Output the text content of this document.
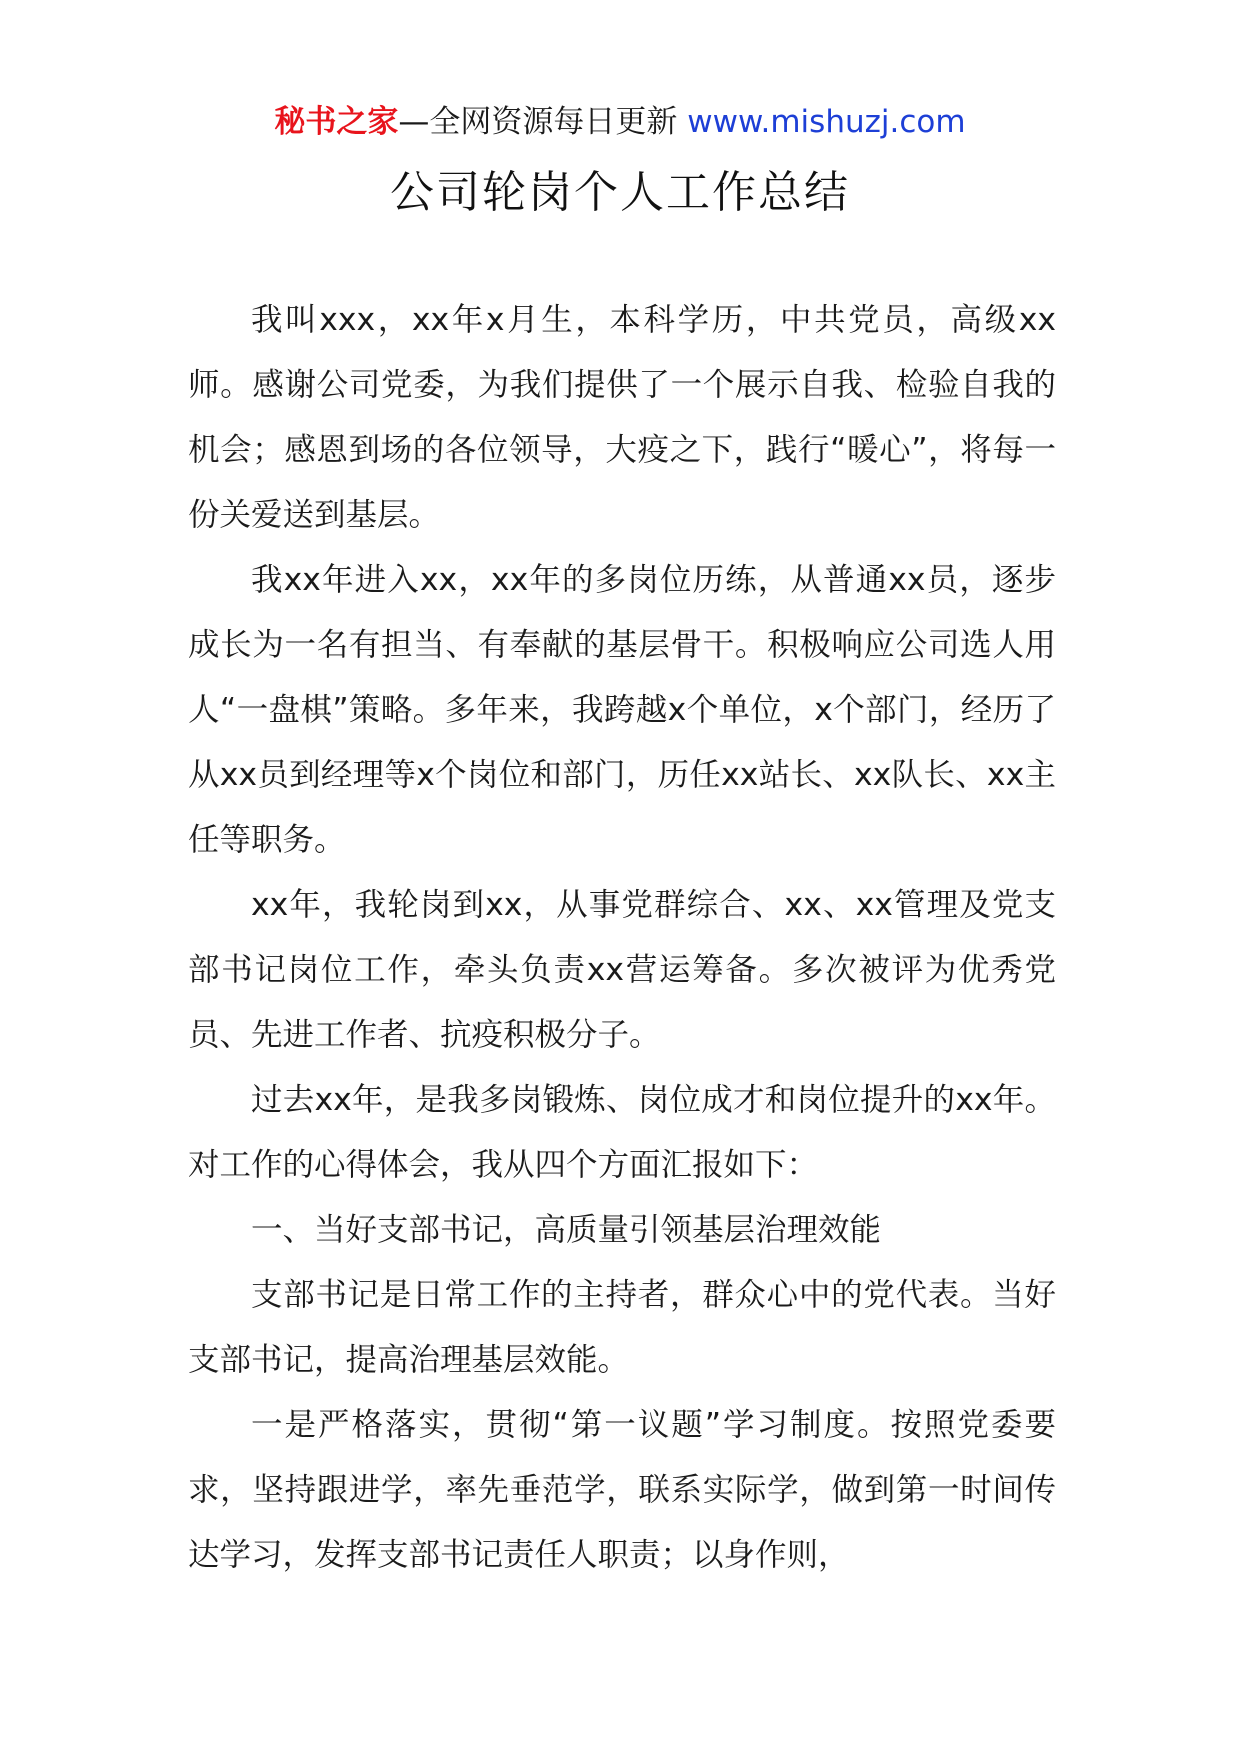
秘书之家—全网资源每日更新 www.mishuzj.com
公司轮岗个人工作总结

我叫xxx，xx年x月生，本科学历，中共党员，高级xx师。感谢公司党委，为我们提供了一个展示自我、检验自我的机会；感恩到场的各位领导，大疫之下，践行“暖心”，将每一份关爱送到基层。

我xx年进入xx，xx年的多岗位历练，从普通xx员，逐步成长为一名有担当、有奉献的基层骨干。积极响应公司选人用人“一盘棋”策略。多年来，我跨越x个单位，x个部门，经历了从xx员到经理等x个岗位和部门，历任xx站长、xx队长、xx主任等职务。

xx年，我轮岗到xx，从事党群综合、xx、xx管理及党支部书记岗位工作，牵头负责xx营运筹备。多次被评为优秀党员、先进工作者、抗疫积极分子。

过去xx年，是我多岗锻炼、岗位成才和岗位提升的xx年。对工作的心得体会，我从四个方面汇报如下：

一、当好支部书记，高质量引领基层治理效能

支部书记是日常工作的主持者，群众心中的党代表。当好支部书记，提高治理基层效能。

一是严格落实，贯彻“第一议题”学习制度。按照党委要求，坚持跟进学，率先垂范学，联系实际学，做到第一时间传达学习，发挥支部书记责任人职责；以身作则，
